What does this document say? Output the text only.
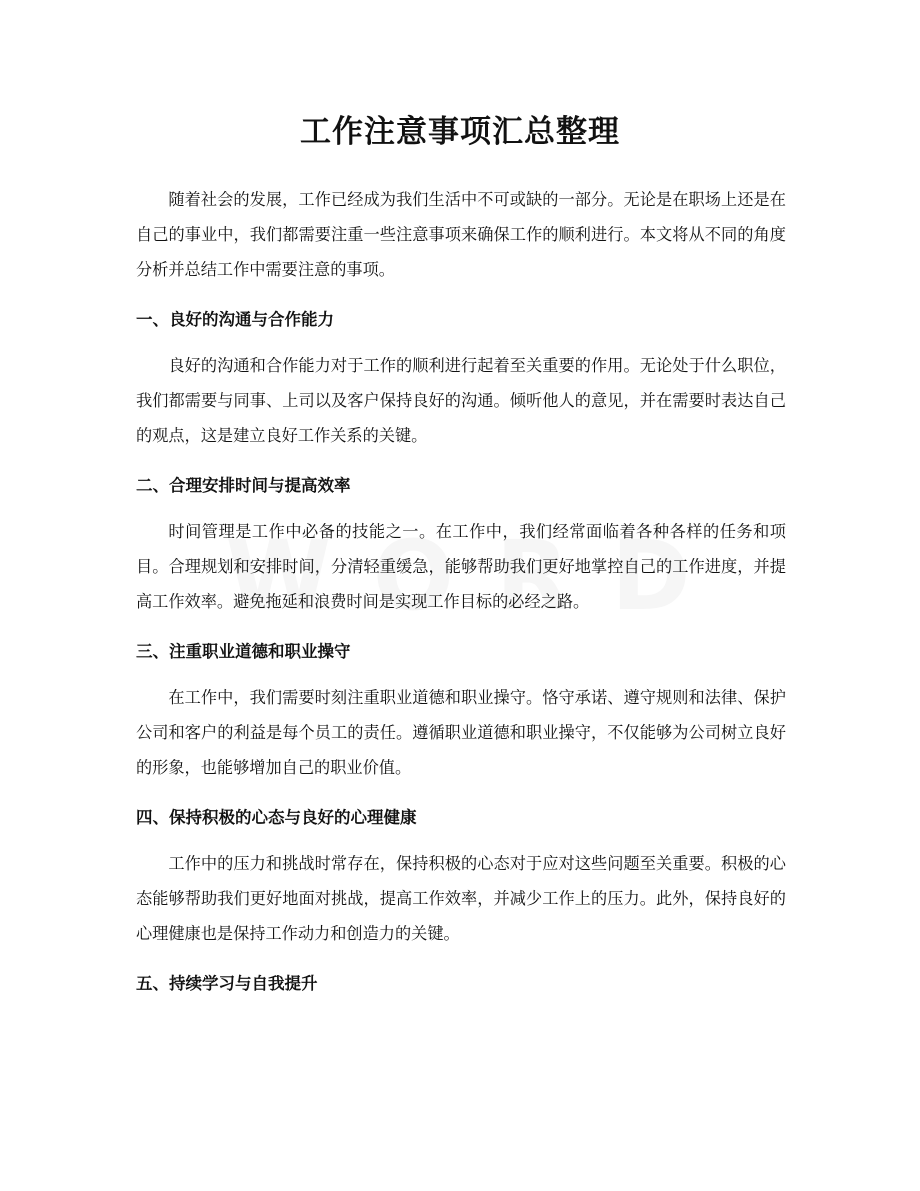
工作注意事项汇总整理

随着社会的发展，工作已经成为我们生活中不可或缺的一部分。无论是在职场上还是在自己的事业中，我们都需要注重一些注意事项来确保工作的顺利进行。本文将从不同的角度分析并总结工作中需要注意的事项。

一、良好的沟通与合作能力

良好的沟通和合作能力对于工作的顺利进行起着至关重要的作用。无论处于什么职位，我们都需要与同事、上司以及客户保持良好的沟通。倾听他人的意见，并在需要时表达自己的观点，这是建立良好工作关系的关键。

二、合理安排时间与提高效率

时间管理是工作中必备的技能之一。在工作中，我们经常面临着各种各样的任务和项目。合理规划和安排时间，分清轻重缓急，能够帮助我们更好地掌控自己的工作进度，并提高工作效率。避免拖延和浪费时间是实现工作目标的必经之路。

三、注重职业道德和职业操守

在工作中，我们需要时刻注重职业道德和职业操守。恪守承诺、遵守规则和法律、保护公司和客户的利益是每个员工的责任。遵循职业道德和职业操守，不仅能够为公司树立良好的形象，也能够增加自己的职业价值。

四、保持积极的心态与良好的心理健康

工作中的压力和挑战时常存在，保持积极的心态对于应对这些问题至关重要。积极的心态能够帮助我们更好地面对挑战，提高工作效率，并减少工作上的压力。此外，保持良好的心理健康也是保持工作动力和创造力的关键。

五、持续学习与自我提升
